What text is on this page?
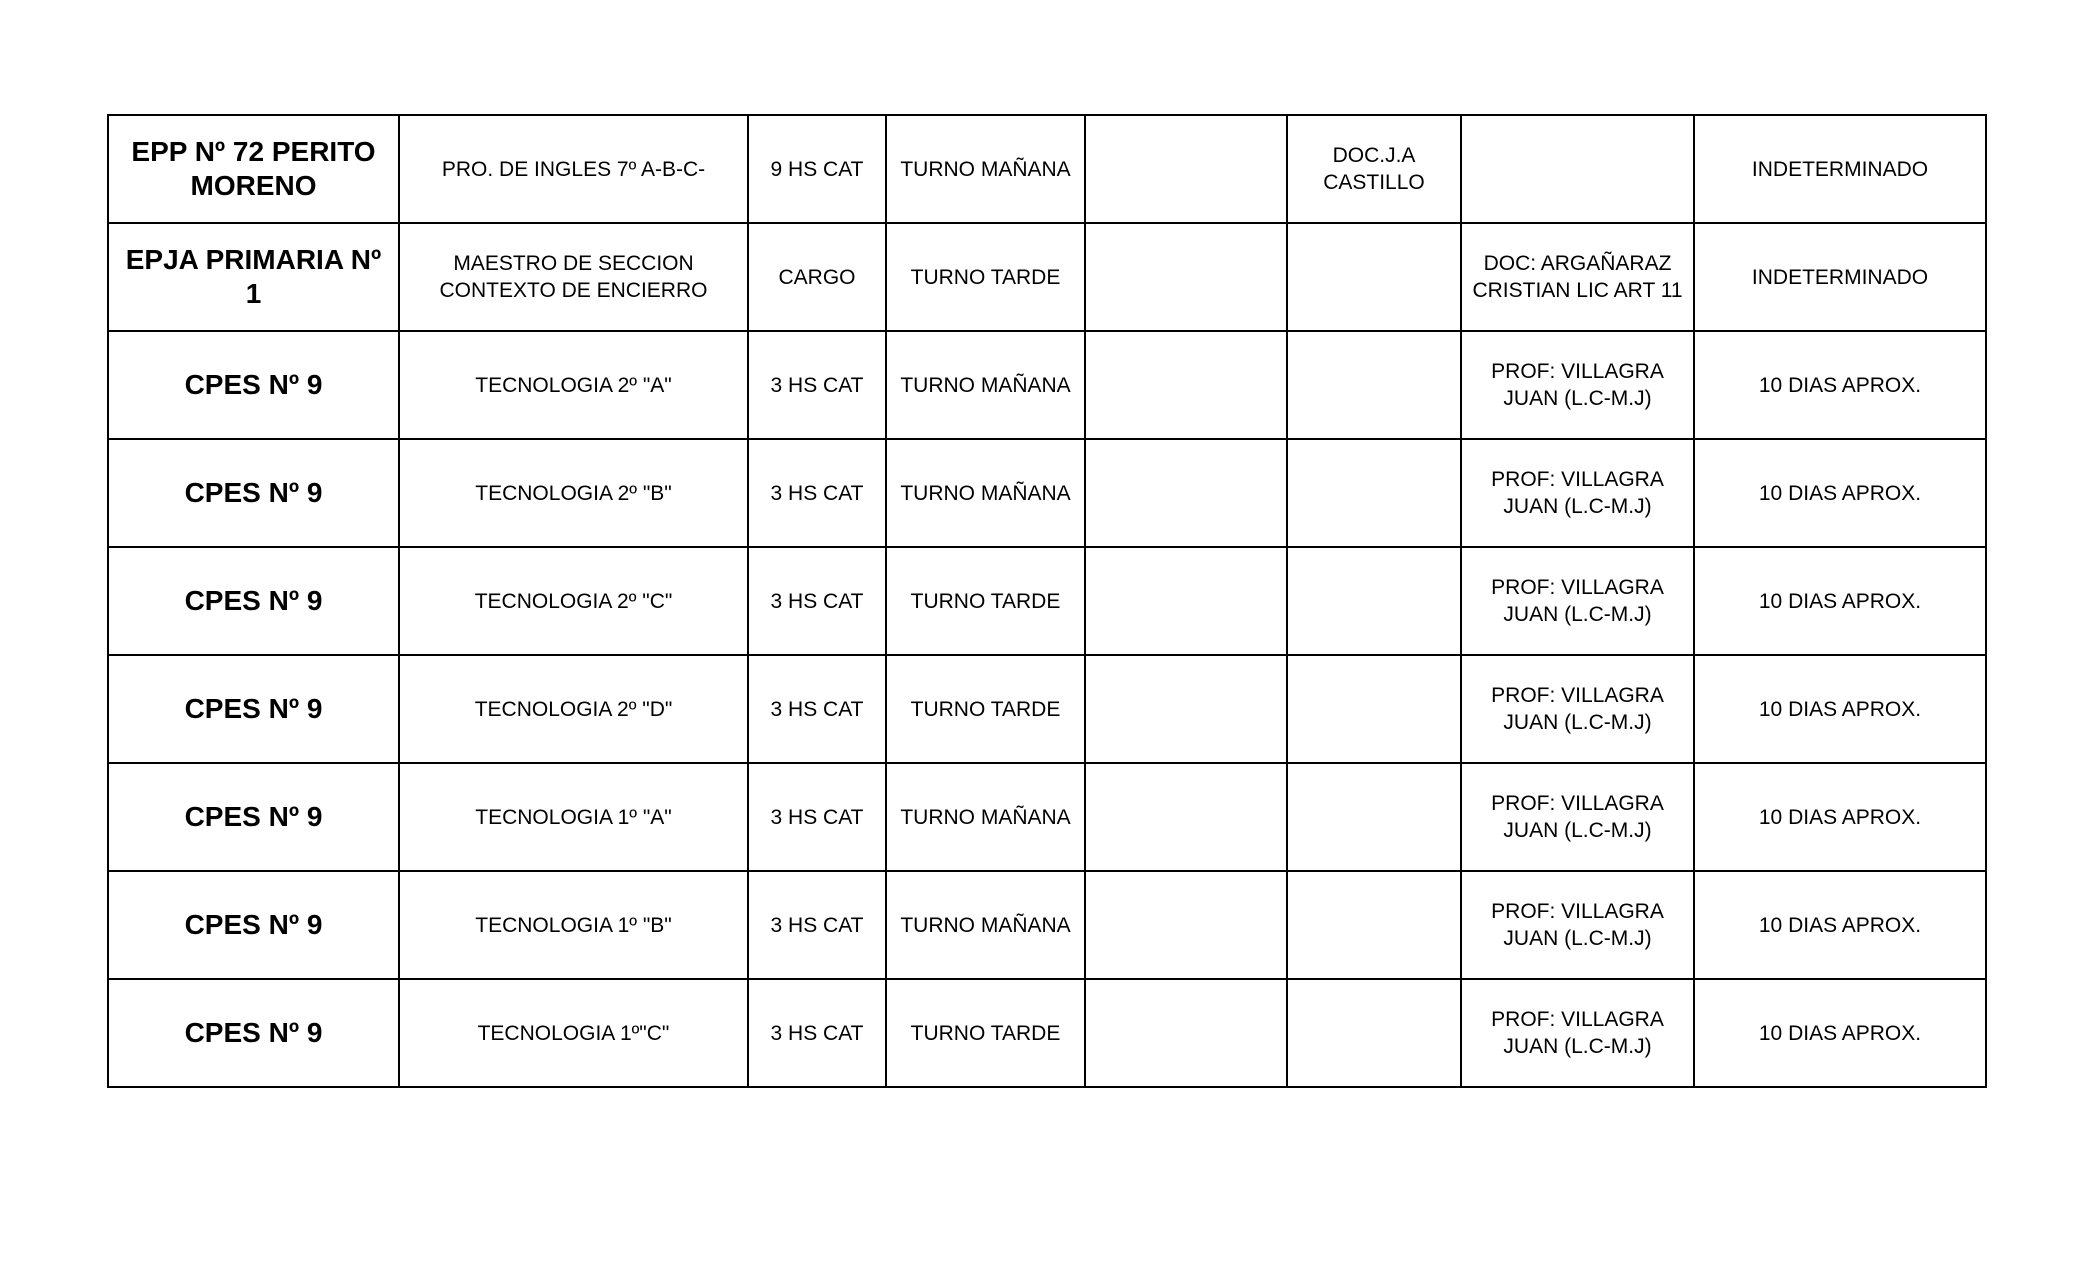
EPP Nº 72 PERITO
MORENO	PRO. DE INGLES 7º A-B-C-	9 HS CAT	TURNO MAÑANA		DOC.J.A
CASTILLO		INDETERMINADO
EPJA PRIMARIA Nº 1	MAESTRO DE SECCION
CONTEXTO DE ENCIERRO	CARGO	TURNO TARDE			DOC: ARGAÑARAZ
CRISTIAN LIC ART 11	INDETERMINADO
CPES Nº 9	TECNOLOGIA 2º "A"	3 HS CAT	TURNO MAÑANA			PROF: VILLAGRA
JUAN (L.C-M.J)	10 DIAS APROX.
CPES Nº 9	TECNOLOGIA 2º "B"	3 HS CAT	TURNO MAÑANA			PROF: VILLAGRA
JUAN (L.C-M.J)	10 DIAS APROX.
CPES Nº 9	TECNOLOGIA 2º "C"	3 HS CAT	TURNO TARDE			PROF: VILLAGRA
JUAN (L.C-M.J)	10 DIAS APROX.
CPES Nº 9	TECNOLOGIA 2º "D"	3 HS CAT	TURNO TARDE			PROF: VILLAGRA
JUAN (L.C-M.J)	10 DIAS APROX.
CPES Nº 9	TECNOLOGIA 1º "A"	3 HS CAT	TURNO MAÑANA			PROF: VILLAGRA
JUAN (L.C-M.J)	10 DIAS APROX.
CPES Nº 9	TECNOLOGIA 1º "B"	3 HS CAT	TURNO MAÑANA			PROF: VILLAGRA
JUAN (L.C-M.J)	10 DIAS APROX.
CPES Nº 9	TECNOLOGIA 1º"C"	3 HS CAT	TURNO TARDE			PROF: VILLAGRA
JUAN (L.C-M.J)	10 DIAS APROX.
